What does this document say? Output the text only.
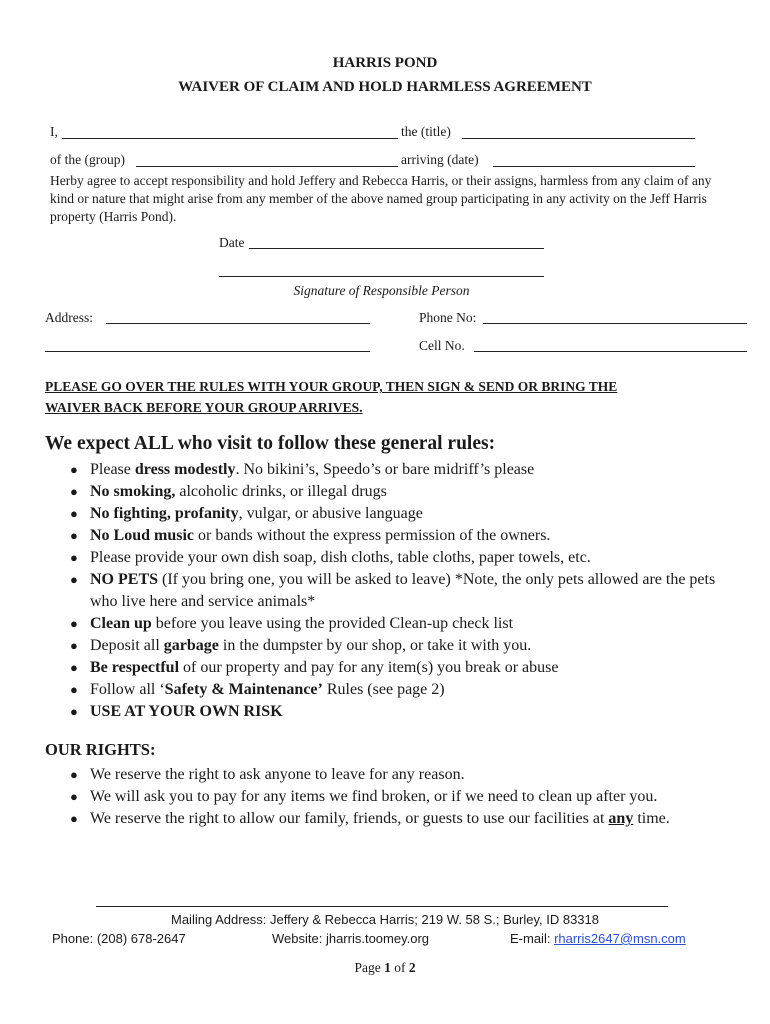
HARRIS POND
WAIVER OF CLAIM AND HOLD HARMLESS AGREEMENT
I,	the (title)
of the (group)	arriving (date)
Herby agree to accept responsibility and hold Jeffery and Rebecca Harris, or their assigns, harmless from any claim of any kind or nature that might arise from any member of the above named group participating in any activity on the Jeff Harris property (Harris Pond).
Date
Signature of Responsible Person
Address:	Phone No:
Cell No.
PLEASE GO OVER THE RULES WITH YOUR GROUP, THEN SIGN & SEND OR BRING THE
WAIVER BACK BEFORE YOUR GROUP ARRIVES.
We expect ALL who visit to follow these general rules:
● Please dress modestly. No bikini’s, Speedo’s or bare midriff’s please
● No smoking, alcoholic drinks, or illegal drugs
● No fighting, profanity, vulgar, or abusive language
● No Loud music or bands without the express permission of the owners.
● Please provide your own dish soap, dish cloths, table cloths, paper towels, etc.
● NO PETS (If you bring one, you will be asked to leave) *Note, the only pets allowed are the pets who live here and service animals*
● Clean up before you leave using the provided Clean-up check list
● Deposit all garbage in the dumpster by our shop, or take it with you.
● Be respectful of our property and pay for any item(s) you break or abuse
● Follow all ‘Safety & Maintenance’ Rules (see page 2)
● USE AT YOUR OWN RISK
OUR RIGHTS:
● We reserve the right to ask anyone to leave for any reason.
● We will ask you to pay for any items we find broken, or if we need to clean up after you.
● We reserve the right to allow our family, friends, or guests to use our facilities at any time.
Mailing Address: Jeffery & Rebecca Harris; 219 W. 58 S.; Burley, ID 83318
Phone: (208) 678-2647	Website: jharris.toomey.org	E-mail: rharris2647@msn.com
Page 1 of 2
